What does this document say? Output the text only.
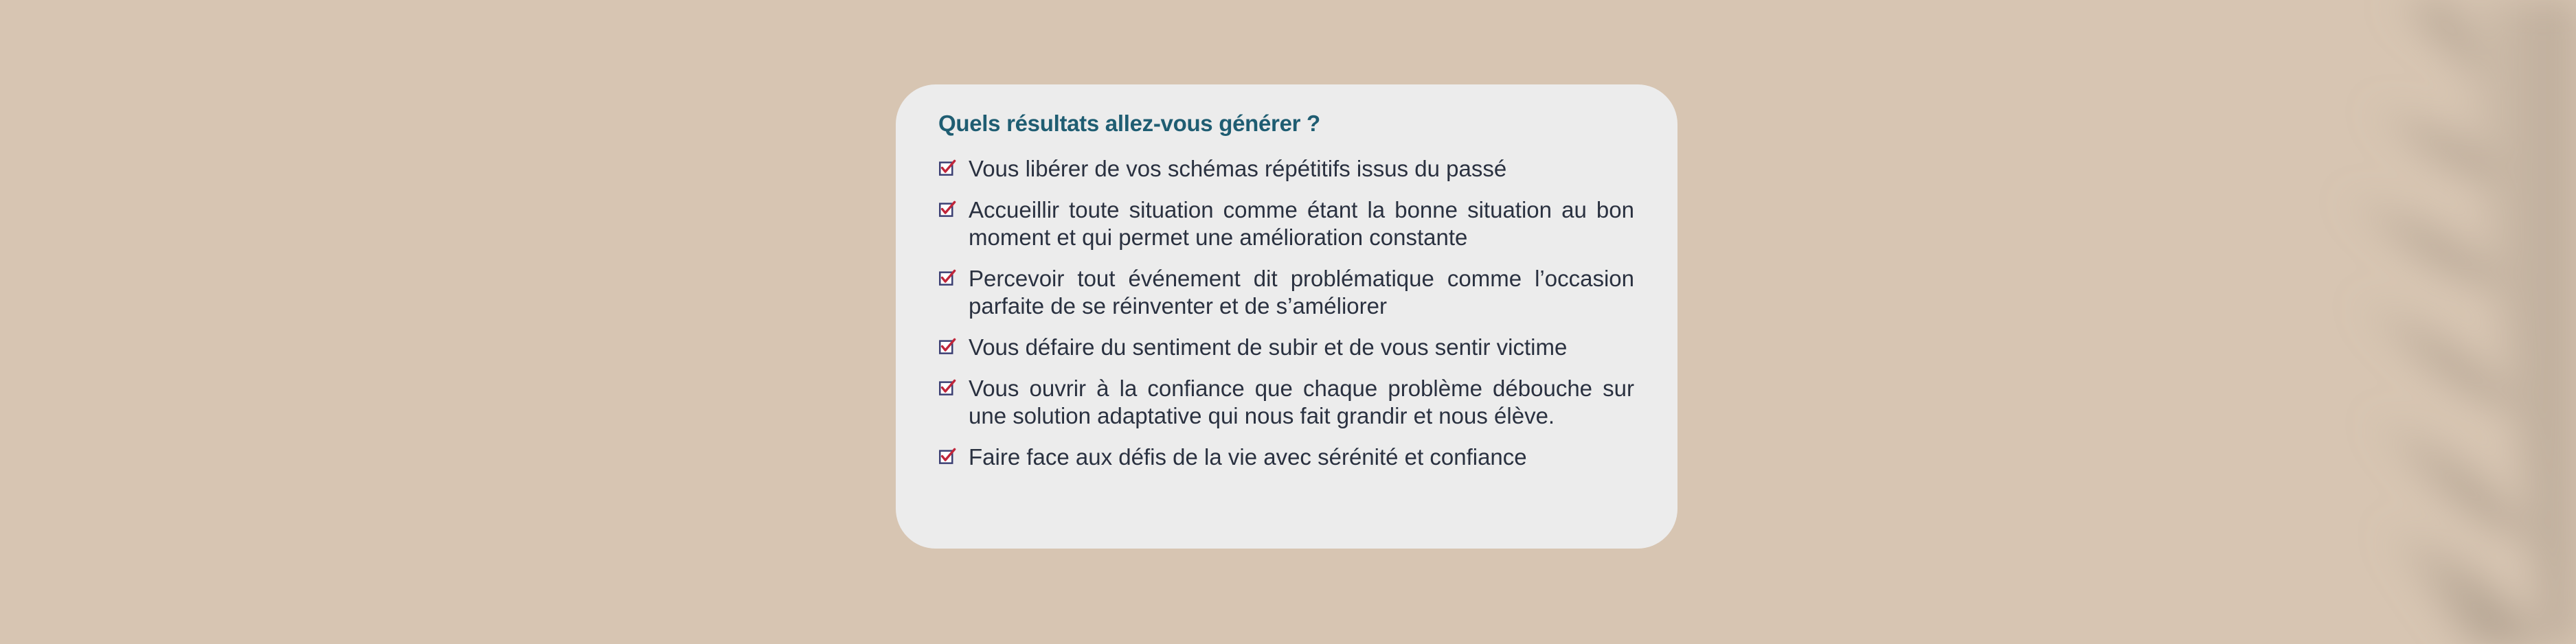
Quels résultats allez-vous générer ?
Vous libérer de vos schémas répétitifs issus du passé
Accueillir toute situation comme étant la bonne situation au bon moment et qui permet une amélioration constante
Percevoir tout événement dit problématique comme l’occasion parfaite de se réinventer et de s’améliorer
Vous défaire du sentiment de subir et de vous sentir victime
Vous ouvrir à la confiance que chaque problème débouche sur une solution adaptative qui nous fait grandir et nous élève.
Faire face aux défis de la vie avec sérénité et confiance
